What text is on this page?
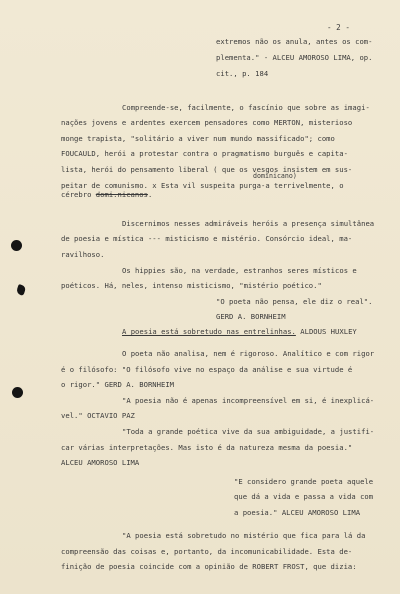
- 2 -
extremos não os anula, antes os com-
plementa." - ALCEU AMOROSO LIMA, op.
cit., p. 184
Compreende-se, facilmente, o fascínio que sobre as imagi-
nações jovens e ardentes exercem pensadores como MERTON, misterioso
monge trapista, "solitário a viver num mundo massificado"; como
FOUCAULD, herói a protestar contra o pragmatismo burguês e capita-
lista, herói do pensamento liberal ( que os vesgos insistem em sus-
dominicano)
peitar de comunismo. x Esta vil suspeita purga-a terrivelmente, o
cérebro domi.nicanos.
Discernimos nesses admiráveis heróis a presença simultânea
de poesia e mística --- misticismo e mistério. Consórcio ideal, ma-
ravilhoso.
Os hippies são, na verdade, estranhos seres místicos e
poéticos. Há, neles, intenso misticismo, "mistério poético."
"O poeta não pensa, ele diz o real".
GERD A. BORNHEIM
A poesia está sobretudo nas entrelinhas. ALDOUS HUXLEY
O poeta não analisa, nem é rigoroso. Analítico e com rigor
é o filósofo: "O filósofo vive no espaço da análise e sua virtude é
o rigor." GERD A. BORNHEIM
"A poesia não é apenas incompreensível em si, é inexplicá-
vel." OCTAVIO PAZ
"Toda a grande poética vive da sua ambiguidade, a justifi-
car várias interpretações. Mas isto é da natureza mesma da poesia."
ALCEU AMOROSO LIMA
"E considero grande poeta aquele
que dá a vida e passa a vida com
a poesia." ALCEU AMOROSO LIMA
"A poesia está sobretudo no mistério que fica para lá da
compreensão das coisas e, portanto, da incomunicabilidade. Esta de-
finição de poesia coincide com a opinião de ROBERT FROST, que dizia:
